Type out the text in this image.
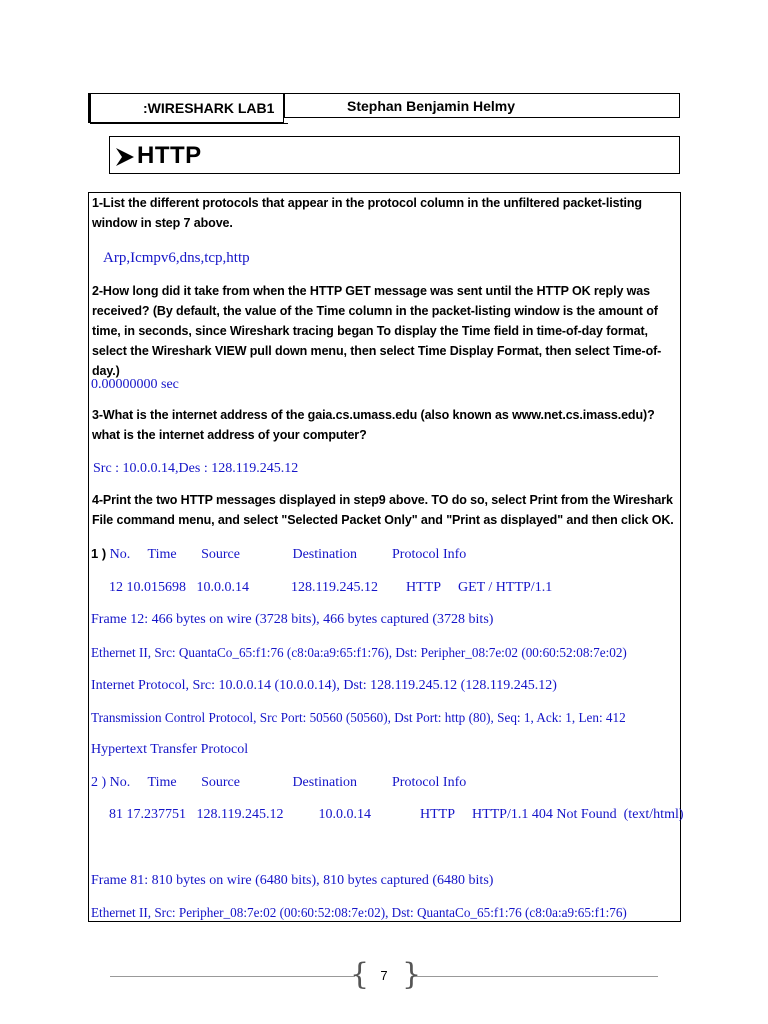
:WIRESHARK LAB1	Stephan Benjamin Helmy
HTTP
1-List the different protocols that appear in the protocol column in the unfiltered packet-listing window in step 7 above.
Arp,Icmpv6,dns,tcp,http
2-How long did it take from when the HTTP GET message was sent until the HTTP OK reply was received? (By default, the value of the Time column in the packet-listing window is the amount of time, in seconds, since Wireshark tracing began To display the Time field in time-of-day format, select the Wireshark VIEW pull down menu, then select Time Display Format, then select Time-of-day.)
0.00000000 sec
3-What is the internet address of the gaia.cs.umass.edu (also known as www.net.cs.imass.edu)?what is the internet address of your computer?
Src : 10.0.0.14,Des : 128.119.245.12
4-Print the two HTTP messages displayed in step9 above. TO do so, select Print from the Wireshark File command menu, and select "Selected Packet Only" and "Print as displayed" and then click OK.
1 ) No.     Time       Source               Destination          Protocol Info
12 10.015698   10.0.0.14            128.119.245.12        HTTP     GET / HTTP/1.1
Frame 12: 466 bytes on wire (3728 bits), 466 bytes captured (3728 bits)
Ethernet II, Src: QuantaCo_65:f1:76 (c8:0a:a9:65:f1:76), Dst: Peripher_08:7e:02 (00:60:52:08:7e:02)
Internet Protocol, Src: 10.0.0.14 (10.0.0.14), Dst: 128.119.245.12 (128.119.245.12)
Transmission Control Protocol, Src Port: 50560 (50560), Dst Port: http (80), Seq: 1, Ack: 1, Len: 412
Hypertext Transfer Protocol
2 ) No.     Time       Source               Destination          Protocol Info
81 17.237751   128.119.245.12          10.0.0.14              HTTP     HTTP/1.1 404 Not Found  (text/html)
Frame 81: 810 bytes on wire (6480 bits), 810 bytes captured (6480 bits)
Ethernet II, Src: Peripher_08:7e:02 (00:60:52:08:7e:02), Dst: QuantaCo_65:f1:76 (c8:0a:a9:65:f1:76)
{ }
7
